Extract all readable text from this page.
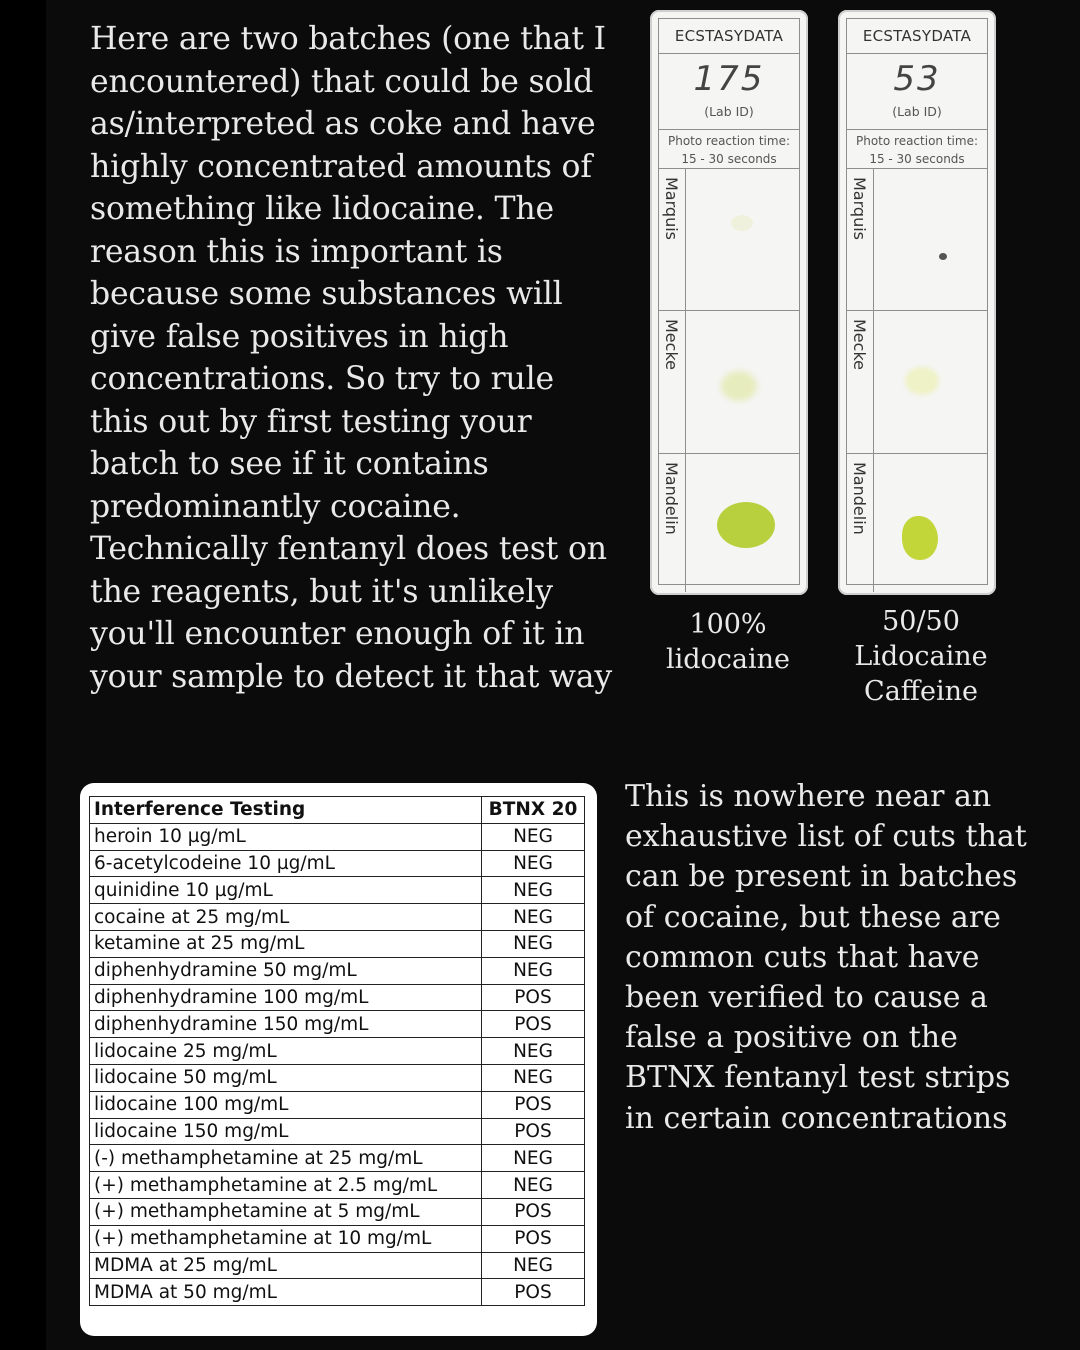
Here are two batches (one that I encountered) that could be sold as/interpreted as coke and have highly concentrated amounts of something like lidocaine. The reason this is important is because some substances will give false positives in high concentrations. So try to rule this out by first testing your batch to see if it contains predominantly cocaine. Technically fentanyl does test on the reagents, but it's unlikely you'll encounter enough of it in your sample to detect it that way
ECSTASYDATA
175
(Lab ID)
Photo reaction time:
15 - 30 seconds
Marquis
Mecke
Mandelin
ECSTASYDATA
53
(Lab ID)
Photo reaction time:
15 - 30 seconds
Marquis
Mecke
Mandelin
100%
lidocaine
50/50
Lidocaine
Caffeine
Interference Testing	BTNX 20
heroin 10 µg/mL	NEG
6-acetylcodeine 10 µg/mL	NEG
quinidine 10 µg/mL	NEG
cocaine at 25 mg/mL	NEG
ketamine at 25 mg/mL	NEG
diphenhydramine 50 mg/mL	NEG
diphenhydramine 100 mg/mL	POS
diphenhydramine 150 mg/mL	POS
lidocaine 25 mg/mL	NEG
lidocaine 50 mg/mL	NEG
lidocaine 100 mg/mL	POS
lidocaine 150 mg/mL	POS
(-) methamphetamine at 25 mg/mL	NEG
(+) methamphetamine at 2.5 mg/mL	NEG
(+) methamphetamine at 5 mg/mL	POS
(+) methamphetamine at 10 mg/mL	POS
MDMA at 25 mg/mL	NEG
MDMA at 50 mg/mL	POS
This is nowhere near an exhaustive list of cuts that can be present in batches of cocaine, but these are common cuts that have been verified to cause a false a positive on the BTNX fentanyl test strips in certain concentrations
